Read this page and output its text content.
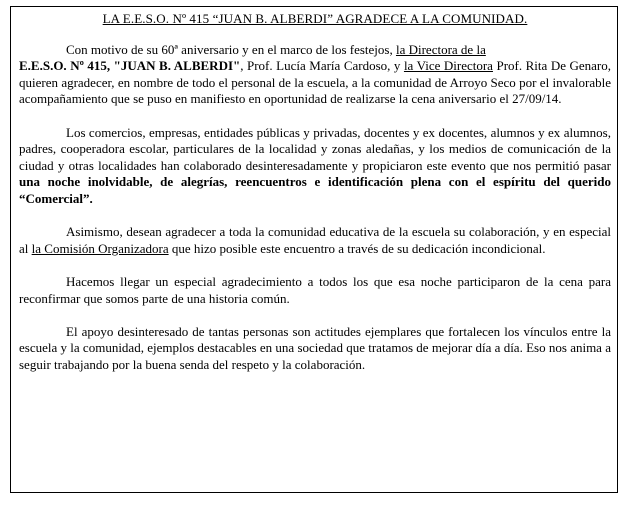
LA E.E.S.O. Nº 415 “JUAN B. ALBERDI” AGRADECE A LA COMUNIDAD.

Con motivo de su 60ª aniversario y en el marco de los festejos, la Directora de la
E.E.S.O. Nº 415, "JUAN B. ALBERDI", Prof. Lucía María Cardoso, y la Vice Directora Prof. Rita De Genaro, quieren agradecer, en nombre de todo el personal de la escuela, a la comunidad de Arroyo Seco por el invalorable acompañamiento que se puso en manifiesto en oportunidad de realizarse la cena aniversario el 27/09/14.

Los comercios, empresas, entidades públicas y privadas, docentes y ex docentes, alumnos y ex alumnos, padres, cooperadora escolar, particulares de la localidad y zonas aledañas, y los medios de comunicación de la ciudad y otras localidades han colaborado desinteresadamente y propiciaron este evento que nos permitió pasar una noche inolvidable, de alegrías, reencuentros e identificación plena con el espíritu del querido “Comercial”.

Asimismo, desean agradecer a toda la comunidad educativa de la escuela su colaboración, y en especial al la Comisión Organizadora que hizo posible este encuentro a través de su dedicación incondicional.

Hacemos llegar un especial agradecimiento a todos los que esa noche participaron de la cena para reconfirmar que somos parte de una historia común.

El apoyo desinteresado de tantas personas son actitudes ejemplares que fortalecen los vínculos entre la escuela y la comunidad, ejemplos destacables en una sociedad que tratamos de mejorar día a día. Eso nos anima a seguir trabajando por la buena senda del respeto y la colaboración.
